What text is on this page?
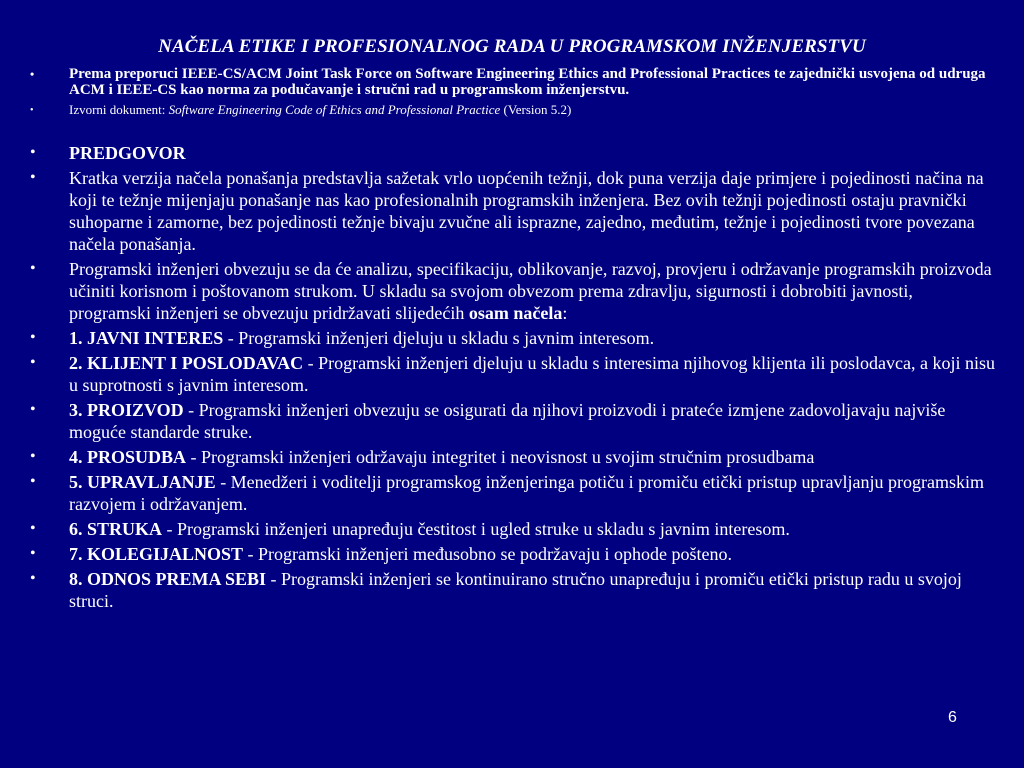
NAČELA ETIKE I PROFESIONALNOG RADA U PROGRAMSKOM INŽENJERSTVU
• Prema preporuci IEEE-CS/ACM Joint Task Force on Software Engineering Ethics and Professional Practices te zajednički usvojena od udruga ACM i IEEE-CS kao norma za podučavanje i stručni rad u programskom inženjerstvu.
•	Izvorni dokument: Software Engineering Code of Ethics and Professional Practice (Version 5.2)
• PREDGOVOR
• Kratka verzija načela ponašanja predstavlja sažetak vrlo uopćenih težnji, dok puna verzija daje primjere i pojedinosti načina na koji te težnje mijenjaju ponašanje nas kao profesionalnih programskih inženjera. Bez ovih težnji pojedinosti ostaju pravnički suhoparne i zamorne, bez pojedinosti težnje bivaju zvučne ali isprazne, zajedno, međutim, težnje i pojedinosti tvore povezana načela ponašanja.
• Programski inženjeri obvezuju se da će analizu, specifikaciju, oblikovanje, razvoj, provjeru i održavanje programskih proizvoda učiniti korisnom i poštovanom strukom. U skladu sa svojom obvezom prema zdravlju, sigurnosti i dobrobiti javnosti, programski inženjeri se obvezuju pridržavati slijedećih osam načela:
• 1. JAVNI INTERES - Programski inženjeri djeluju u skladu s javnim interesom.
• 2. KLIJENT I POSLODAVAC - Programski inženjeri djeluju u skladu s interesima njihovog klijenta ili poslodavca, a koji nisu u suprotnosti s javnim interesom.
• 3. PROIZVOD - Programski inženjeri obvezuju se osigurati da njihovi proizvodi i prateće izmjene zadovoljavaju najviše moguće standarde struke.
• 4. PROSUDBA - Programski inženjeri održavaju integritet i neovisnost u svojim stručnim prosudbama
• 5. UPRAVLJANJE - Menedžeri i voditelji programskog inženjeringa potiču i promiču etički pristup upravljanju programskim razvojem i održavanjem.
• 6. STRUKA - Programski inženjeri unapređuju čestitost i ugled struke u skladu s javnim interesom.
• 7. KOLEGIJALNOST - Programski inženjeri međusobno se podržavaju i ophode pošteno.
• 8. ODNOS PREMA SEBI - Programski inženjeri se kontinuirano stručno unapređuju i promiču etički pristup radu u svojoj struci.
6
